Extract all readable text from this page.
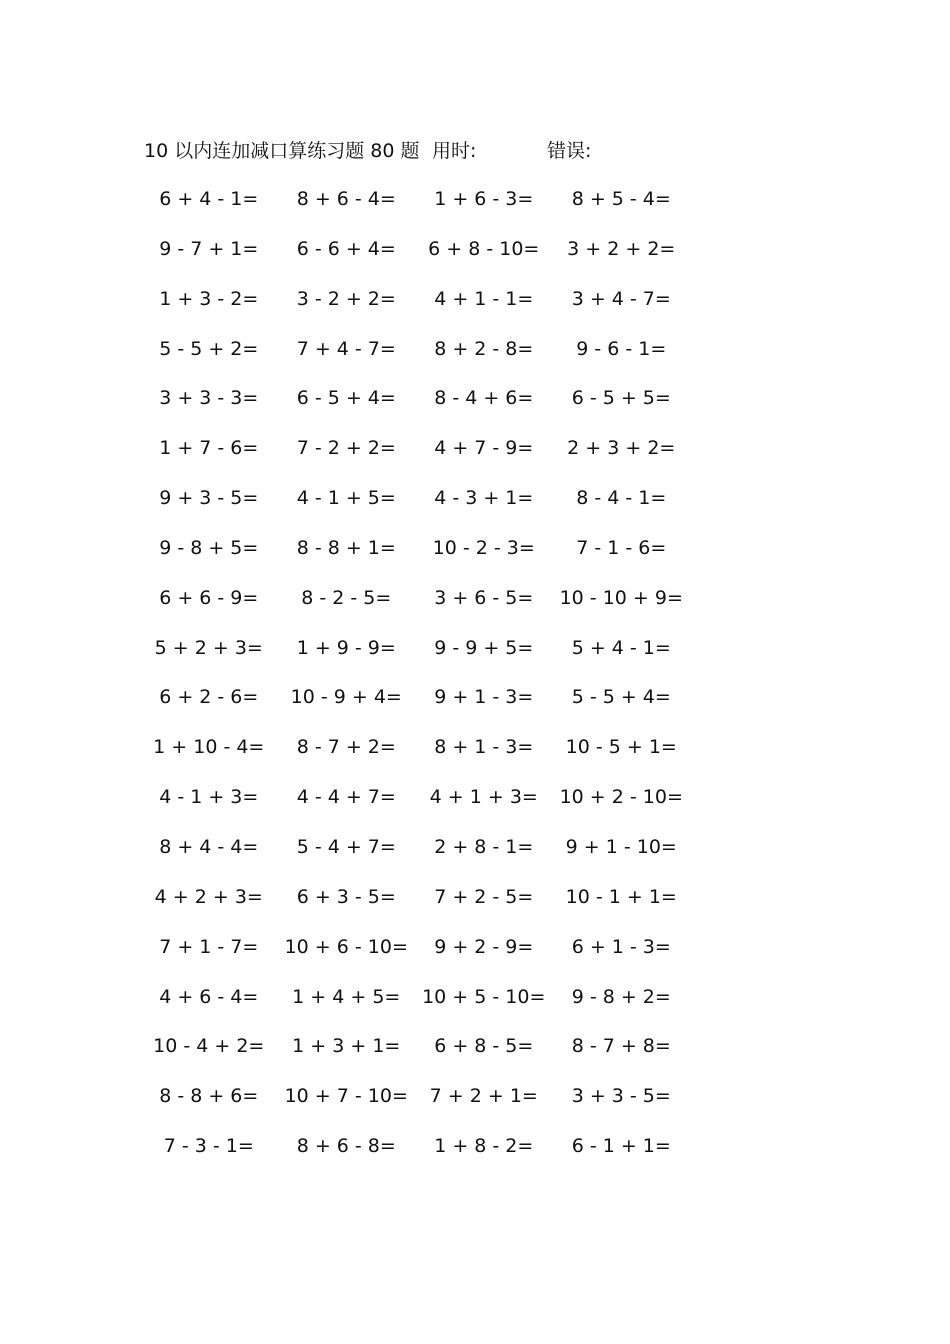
10 以内连加减口算练习题 80 题 用时:	错误:
6 + 4 - 1=	8 + 6 - 4=	1 + 6 - 3=	8 + 5 - 4=
9 - 7 + 1=	6 - 6 + 4=	6 + 8 - 10=	3 + 2 + 2=
1 + 3 - 2=	3 - 2 + 2=	4 + 1 - 1=	3 + 4 - 7=
5 - 5 + 2=	7 + 4 - 7=	8 + 2 - 8=	9 - 6 - 1=
3 + 3 - 3=	6 - 5 + 4=	8 - 4 + 6=	6 - 5 + 5=
1 + 7 - 6=	7 - 2 + 2=	4 + 7 - 9=	2 + 3 + 2=
9 + 3 - 5=	4 - 1 + 5=	4 - 3 + 1=	8 - 4 - 1=
9 - 8 + 5=	8 - 8 + 1=	10 - 2 - 3=	7 - 1 - 6=
6 + 6 - 9=	8 - 2 - 5=	3 + 6 - 5=	10 - 10 + 9=
5 + 2 + 3=	1 + 9 - 9=	9 - 9 + 5=	5 + 4 - 1=
6 + 2 - 6=	10 - 9 + 4=	9 + 1 - 3=	5 - 5 + 4=
1 + 10 - 4=	8 - 7 + 2=	8 + 1 - 3=	10 - 5 + 1=
4 - 1 + 3=	4 - 4 + 7=	4 + 1 + 3=	10 + 2 - 10=
8 + 4 - 4=	5 - 4 + 7=	2 + 8 - 1=	9 + 1 - 10=
4 + 2 + 3=	6 + 3 - 5=	7 + 2 - 5=	10 - 1 + 1=
7 + 1 - 7=	10 + 6 - 10=	9 + 2 - 9=	6 + 1 - 3=
4 + 6 - 4=	1 + 4 + 5=	10 + 5 - 10=	9 - 8 + 2=
10 - 4 + 2=	1 + 3 + 1=	6 + 8 - 5=	8 - 7 + 8=
8 - 8 + 6=	10 + 7 - 10=	7 + 2 + 1=	3 + 3 - 5=
7 - 3 - 1=	8 + 6 - 8=	1 + 8 - 2=	6 - 1 + 1=
